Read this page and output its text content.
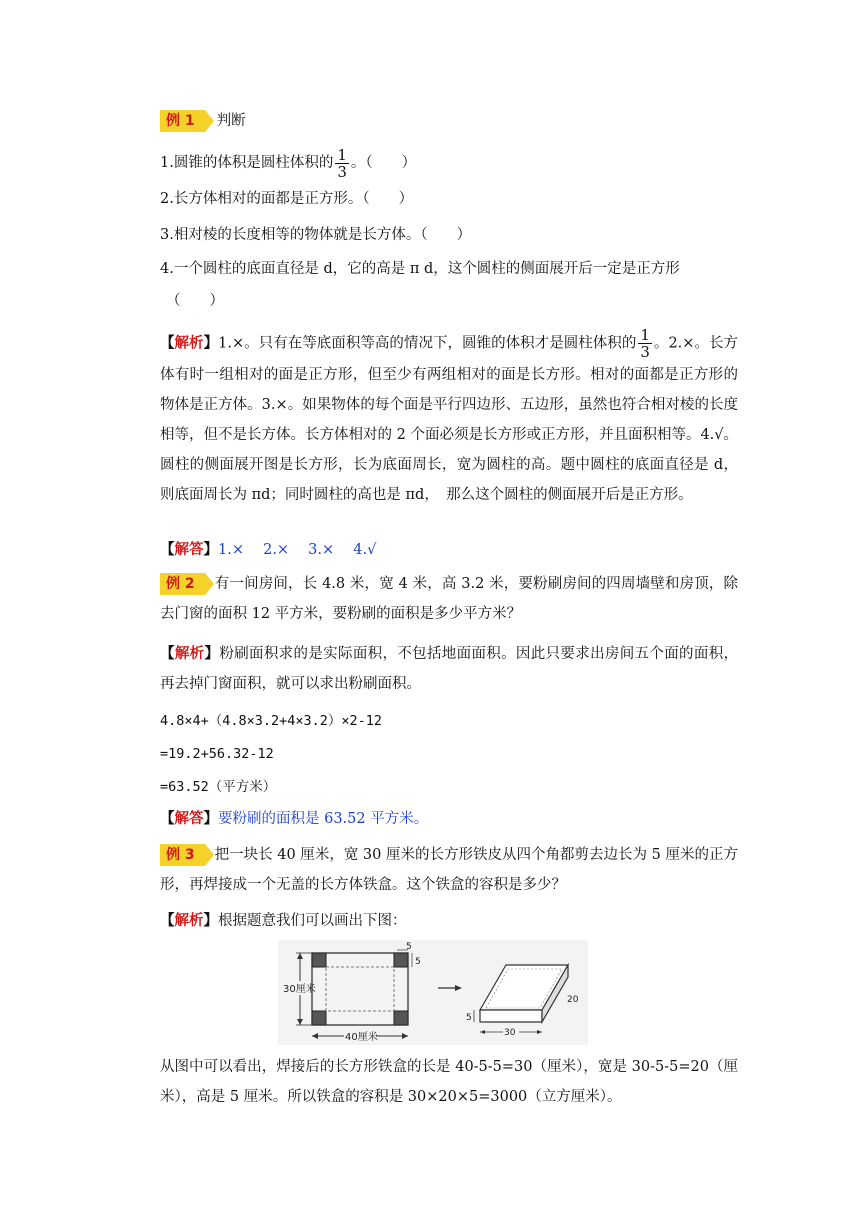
例 1 判断
1.圆锥的体积是圆柱体积的 $\frac{1}{3}$ 。（　　）
2.长方体相对的面都是正方形。（　　）
3.相对棱的长度相等的物体就是长方体。（　　）
4.一个圆柱的底面直径是 d，它的高是 π d，这个圆柱的侧面展开后一定是正方形
（　　）
【解析】1.×。只有在等底面积等高的情况下，圆锥的体积才是圆柱体积的 $\frac{1}{3}$ 。2.×。长方体有时一组相对的面是正方形，但至少有两组相对的面是长方形。相对的面都是正方形的物体是正方体。3.×。如果物体的每个面是平行四边形、五边形，虽然也符合相对棱的长度相等，但不是长方体。长方体相对的 2 个面必须是长方形或正方形，并且面积相等。4.√。圆柱的侧面展开图是长方形，长为底面周长，宽为圆柱的高。题中圆柱的底面直径是 d，则底面周长为 πd；同时圆柱的高也是 πd，　那么这个圆柱的侧面展开后是正方形。
【解答】1.×　 2.×　 3.×　 4.√
例 2 有一间房间，长 4.8 米，宽 4 米，高 3.2 米，要粉刷房间的四周墙壁和房顶，除去门窗的面积 12 平方米，要粉刷的面积是多少平方米？
【解析】粉刷面积求的是实际面积，不包括地面面积。因此只要求出房间五个面的面积，再去掉门窗面积，就可以求出粉刷面积。
4.8×4+（4.8×3.2+4×3.2）×2-12
=19.2+56.32-12
=63.52（平方米）
【解答】要粉刷的面积是 63.52 平方米。
例 3 把一块长 40 厘米，宽 30 厘米的长方形铁皮从四个角都剪去边长为 5 厘米的正方形，再焊接成一个无盖的长方体铁盒。这个铁盒的容积是多少？
【解析】根据题意我们可以画出下图：
30厘米
40厘米
5
5
5
30
20
从图中可以看出，焊接后的长方形铁盒的长是 40-5-5=30（厘米），宽是 30-5-5=20（厘米），高是 5 厘米。所以铁盒的容积是 30×20×5=3000（立方厘米）。
